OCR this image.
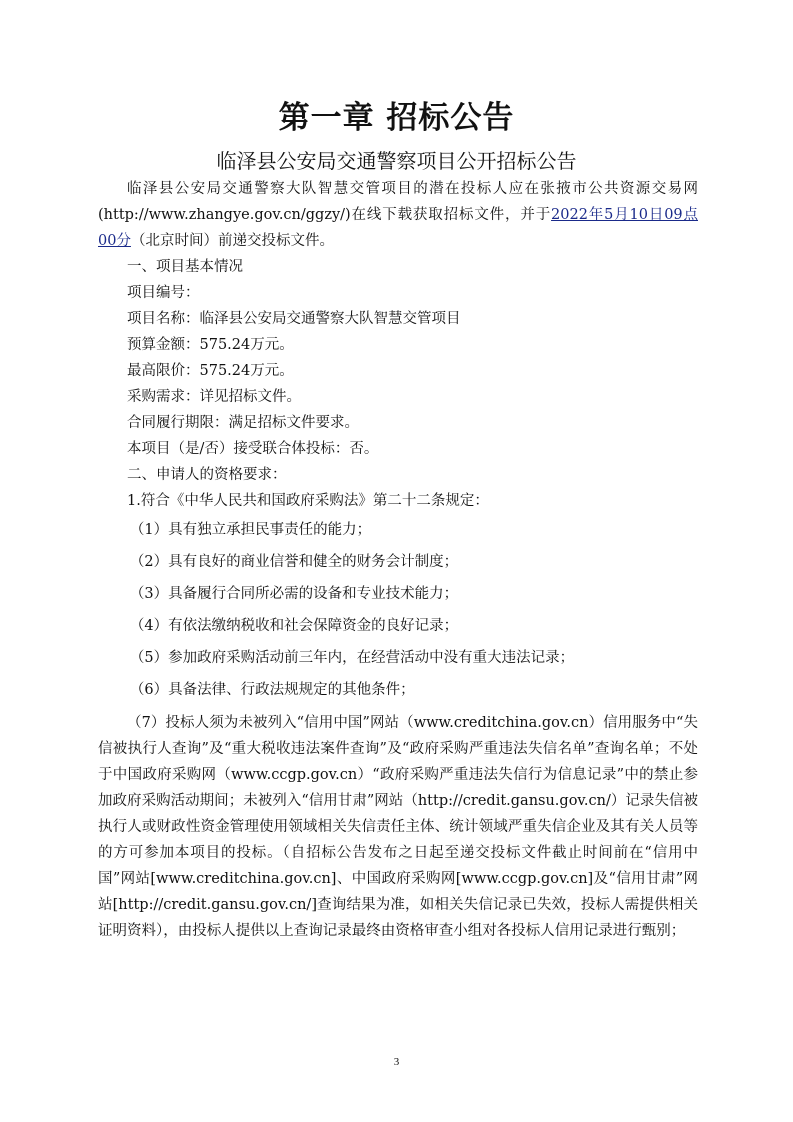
第一章 招标公告
临泽县公安局交通警察项目公开招标公告

临泽县公安局交通警察大队智慧交管项目的潜在投标人应在张掖市公共资源交易网(http://www.zhangye.gov.cn/ggzy/)在线下载获取招标文件，并于2022年5月10日09点00分（北京时间）前递交投标文件。

一、项目基本情况

项目编号：

项目名称：临泽县公安局交通警察大队智慧交管项目

预算金额：575.24万元。

最高限价：575.24万元。

采购需求：详见招标文件。

合同履行期限：满足招标文件要求。

本项目（是/否）接受联合体投标：否。

二、申请人的资格要求：

1.符合《中华人民共和国政府采购法》第二十二条规定：

（1）具有独立承担民事责任的能力；

（2）具有良好的商业信誉和健全的财务会计制度；

（3）具备履行合同所必需的设备和专业技术能力；

（4）有依法缴纳税收和社会保障资金的良好记录；

（5）参加政府采购活动前三年内，在经营活动中没有重大违法记录；

（6）具备法律、行政法规规定的其他条件；

（7）投标人须为未被列入“信用中国”网站（www.creditchina.gov.cn）信用服务中“失信被执行人查询”及“重大税收违法案件查询”及“政府采购严重违法失信名单”查询名单；不处于中国政府采购网（www.ccgp.gov.cn）“政府采购严重违法失信行为信息记录”中的禁止参加政府采购活动期间；未被列入“信用甘肃”网站（http://credit.gansu.gov.cn/）记录失信被执行人或财政性资金管理使用领域相关失信责任主体、统计领域严重失信企业及其有关人员等的方可参加本项目的投标。（自招标公告发布之日起至递交投标文件截止时间前在“信用中国”网站[www.creditchina.gov.cn]、中国政府采购网[www.ccgp.gov.cn]及“信用甘肃”网站[http://credit.gansu.gov.cn/]查询结果为准，如相关失信记录已失效，投标人需提供相关证明资料），由投标人提供以上查询记录最终由资格审查小组对各投标人信用记录进行甄别；

3
